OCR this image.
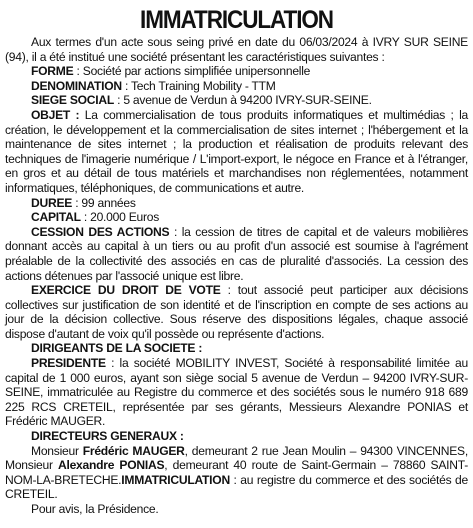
IMMATRICULATION

Aux termes d'un acte sous seing privé en date du 06/03/2024 à IVRY SUR SEINE (94), il a été institué une société présentant les caractéristiques suivantes :

FORME : Société par actions simplifiée unipersonnelle

DENOMINATION : Tech Training Mobility - TTM

SIEGE SOCIAL : 5 avenue de Verdun à 94200 IVRY-SUR-SEINE.

OBJET : La commercialisation de tous produits informatiques et multimédias ; la création, le développement et la commercialisation de sites internet ; l'hébergement et la maintenance de sites internet ; la production et réalisation de produits relevant des techniques de l'imagerie numérique / L'import-export, le négoce en France et à l'étranger, en gros et au détail de tous matériels et marchandises non réglementées, notamment informatiques, téléphoniques, de communications et autre.

DUREE : 99 années

CAPITAL : 20.000 Euros

CESSION DES ACTIONS : la cession de titres de capital et de valeurs mobilières donnant accès au capital à un tiers ou au profit d'un associé est soumise à l'agrément préalable de la collectivité des associés en cas de pluralité d'associés. La cession des actions détenues par l'associé unique est libre.

EXERCICE DU DROIT DE VOTE : tout associé peut participer aux décisions collectives sur justification de son identité et de l'inscription en compte de ses actions au jour de la décision collective. Sous réserve des dispositions légales, chaque associé dispose d'autant de voix qu'il possède ou représente d'actions.

DIRIGEANTS DE LA SOCIETE :

PRESIDENTE : la société MOBILITY INVEST, Société à responsabilité limitée au capital de 1 000 euros, ayant son siège social 5 avenue de Verdun – 94200 IVRY-SUR-SEINE, immatriculée au Registre du commerce et des sociétés sous le numéro 918 689 225 RCS CRETEIL, représentée par ses gérants, Messieurs Alexandre PONIAS et Frédéric MAUGER.

DIRECTEURS GENERAUX :

Monsieur Frédéric MAUGER, demeurant 2 rue Jean Moulin – 94300 VINCENNES, Monsieur Alexandre PONIAS, demeurant 40 route de Saint-Germain – 78860 SAINT-NOM-LA-BRETECHE.IMMATRICULATION : au registre du commerce et des sociétés de CRETEIL.

Pour avis, la Présidence.
